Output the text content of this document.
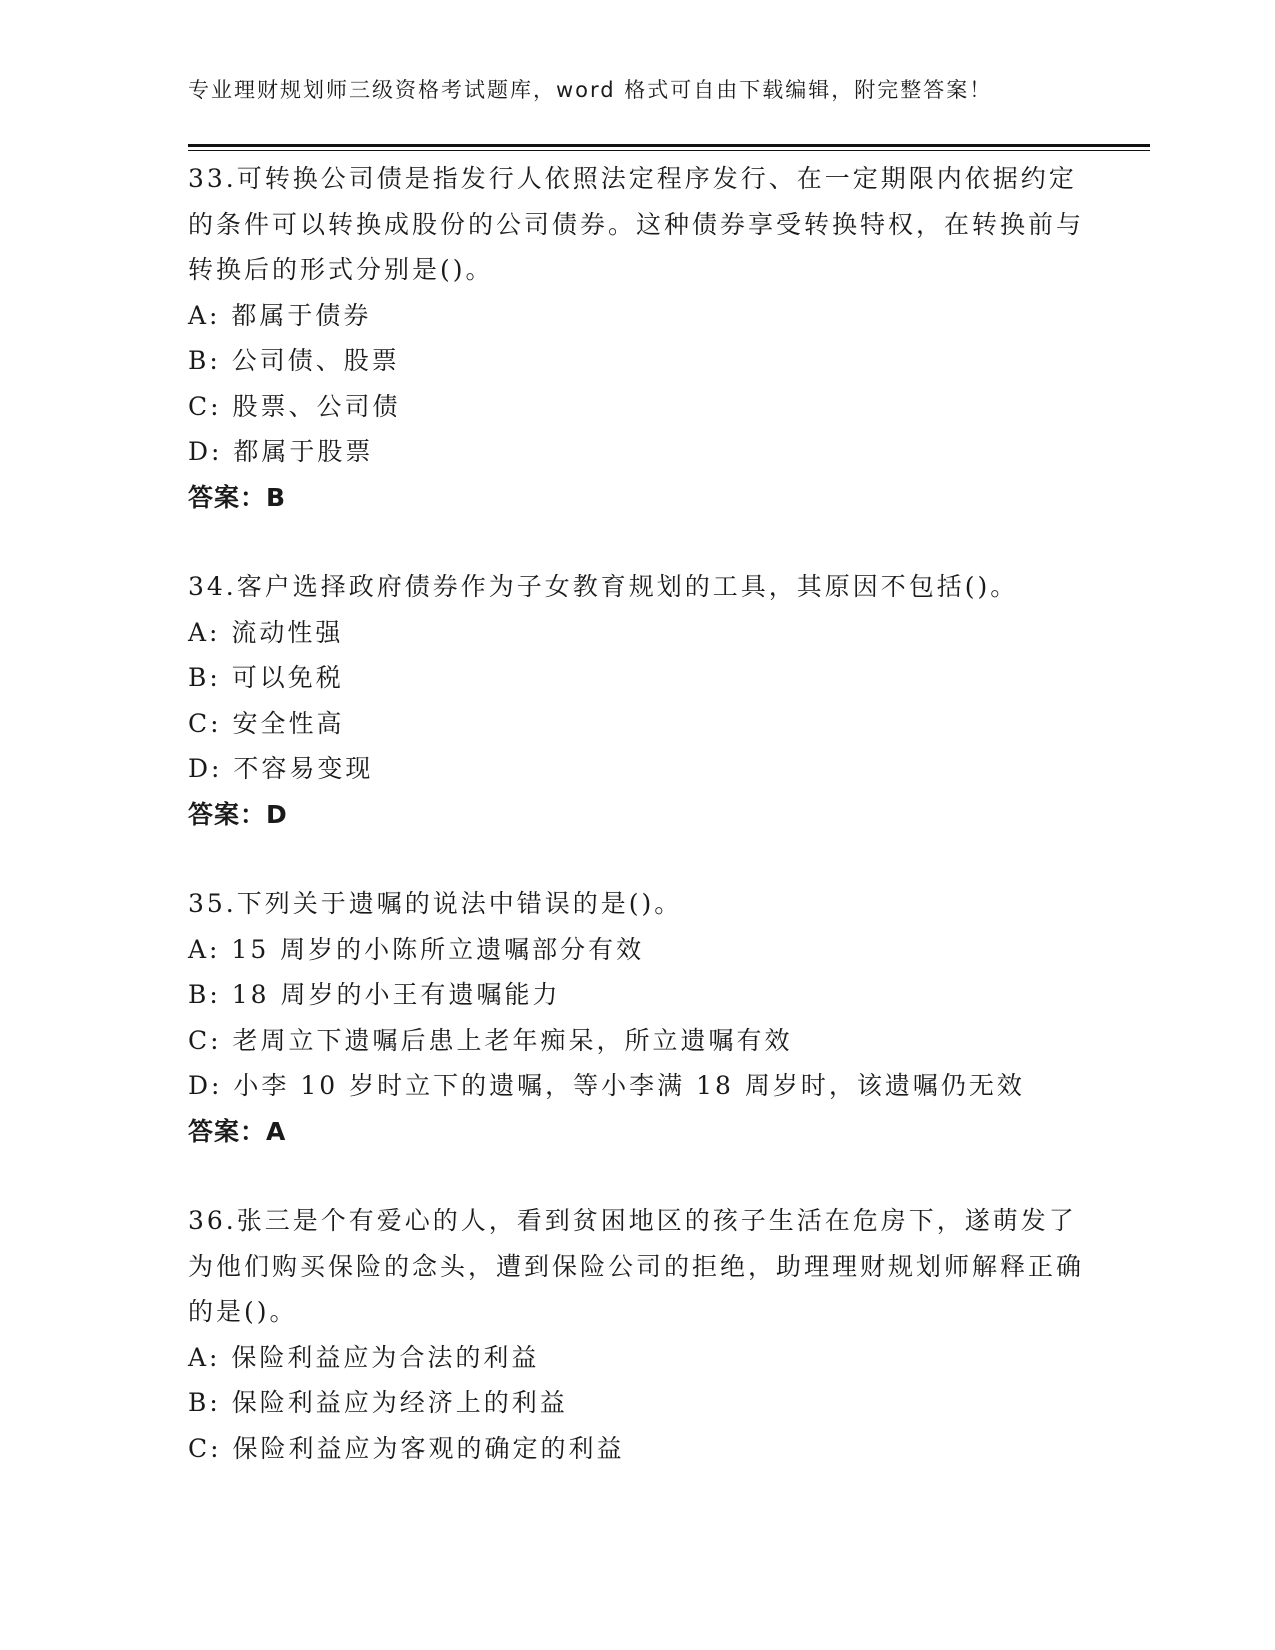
专业理财规划师三级资格考试题库，word 格式可自由下载编辑，附完整答案！

33.可转换公司债是指发行人依照法定程序发行、在一定期限内依据约定的条件可以转换成股份的公司债券。这种债券享受转换特权，在转换前与转换后的形式分别是()。

A: 都属于债券

B: 公司债、股票

C: 股票、公司债

D: 都属于股票

答案：B

34.客户选择政府债券作为子女教育规划的工具，其原因不包括()。

A: 流动性强

B: 可以免税

C: 安全性高

D: 不容易变现

答案：D

35.下列关于遗嘱的说法中错误的是()。

A: 15 周岁的小陈所立遗嘱部分有效

B: 18 周岁的小王有遗嘱能力

C: 老周立下遗嘱后患上老年痴呆，所立遗嘱有效

D: 小李 10 岁时立下的遗嘱，等小李满 18 周岁时，该遗嘱仍无效

答案：A

36.张三是个有爱心的人，看到贫困地区的孩子生活在危房下，遂萌发了为他们购买保险的念头，遭到保险公司的拒绝，助理理财规划师解释正确的是()。

A: 保险利益应为合法的利益

B: 保险利益应为经济上的利益

C: 保险利益应为客观的确定的利益
